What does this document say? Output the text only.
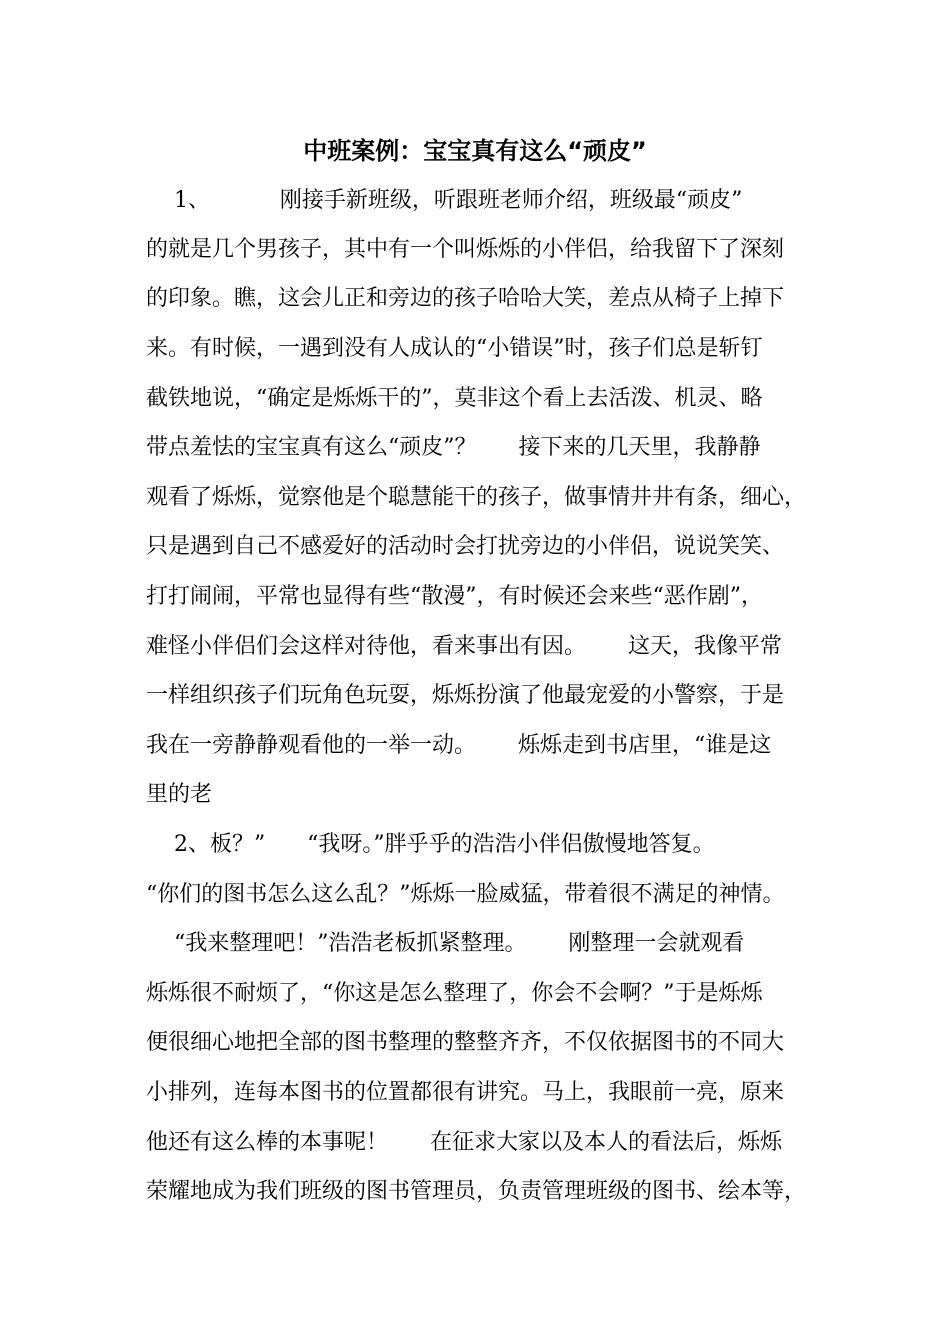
中班案例：宝宝真有这么“顽皮”
1、          刚接手新班级，听跟班老师介绍，班级最“顽皮”
的就是几个男孩子，其中有一个叫烁烁的小伴侣，给我留下了深刻
的印象。瞧，这会儿正和旁边的孩子哈哈大笑，差点从椅子上掉下
来。有时候，一遇到没有人成认的“小错误”时，孩子们总是斩钉
截铁地说，“确定是烁烁干的”，莫非这个看上去活泼、机灵、略
带点羞怯的宝宝真有这么“顽皮”？      接下来的几天里，我静静
观看了烁烁，觉察他是个聪慧能干的孩子，做事情井井有条，细心，
只是遇到自己不感爱好的活动时会打扰旁边的小伴侣，说说笑笑、
打打闹闹，平常也显得有些“散漫”，有时候还会来些“恶作剧”，
难怪小伴侣们会这样对待他，看来事出有因。      这天，我像平常
一样组织孩子们玩角色玩耍，烁烁扮演了他最宠爱的小警察，于是
我在一旁静静观看他的一举一动。      烁烁走到书店里，“谁是这
里的老
2、板？”      “我呀。”胖乎乎的浩浩小伴侣傲慢地答复。
“你们的图书怎么这么乱？”烁烁一脸威猛，带着很不满足的神情。
“我来整理吧！”浩浩老板抓紧整理。      刚整理一会就观看
烁烁很不耐烦了，“你这是怎么整理了，你会不会啊？”于是烁烁
便很细心地把全部的图书整理的整整齐齐，不仅依据图书的不同大
小排列，连每本图书的位置都很有讲究。马上，我眼前一亮，原来
他还有这么棒的本事呢！      在征求大家以及本人的看法后，烁烁
荣耀地成为我们班级的图书管理员，负责管理班级的图书、绘本等，
